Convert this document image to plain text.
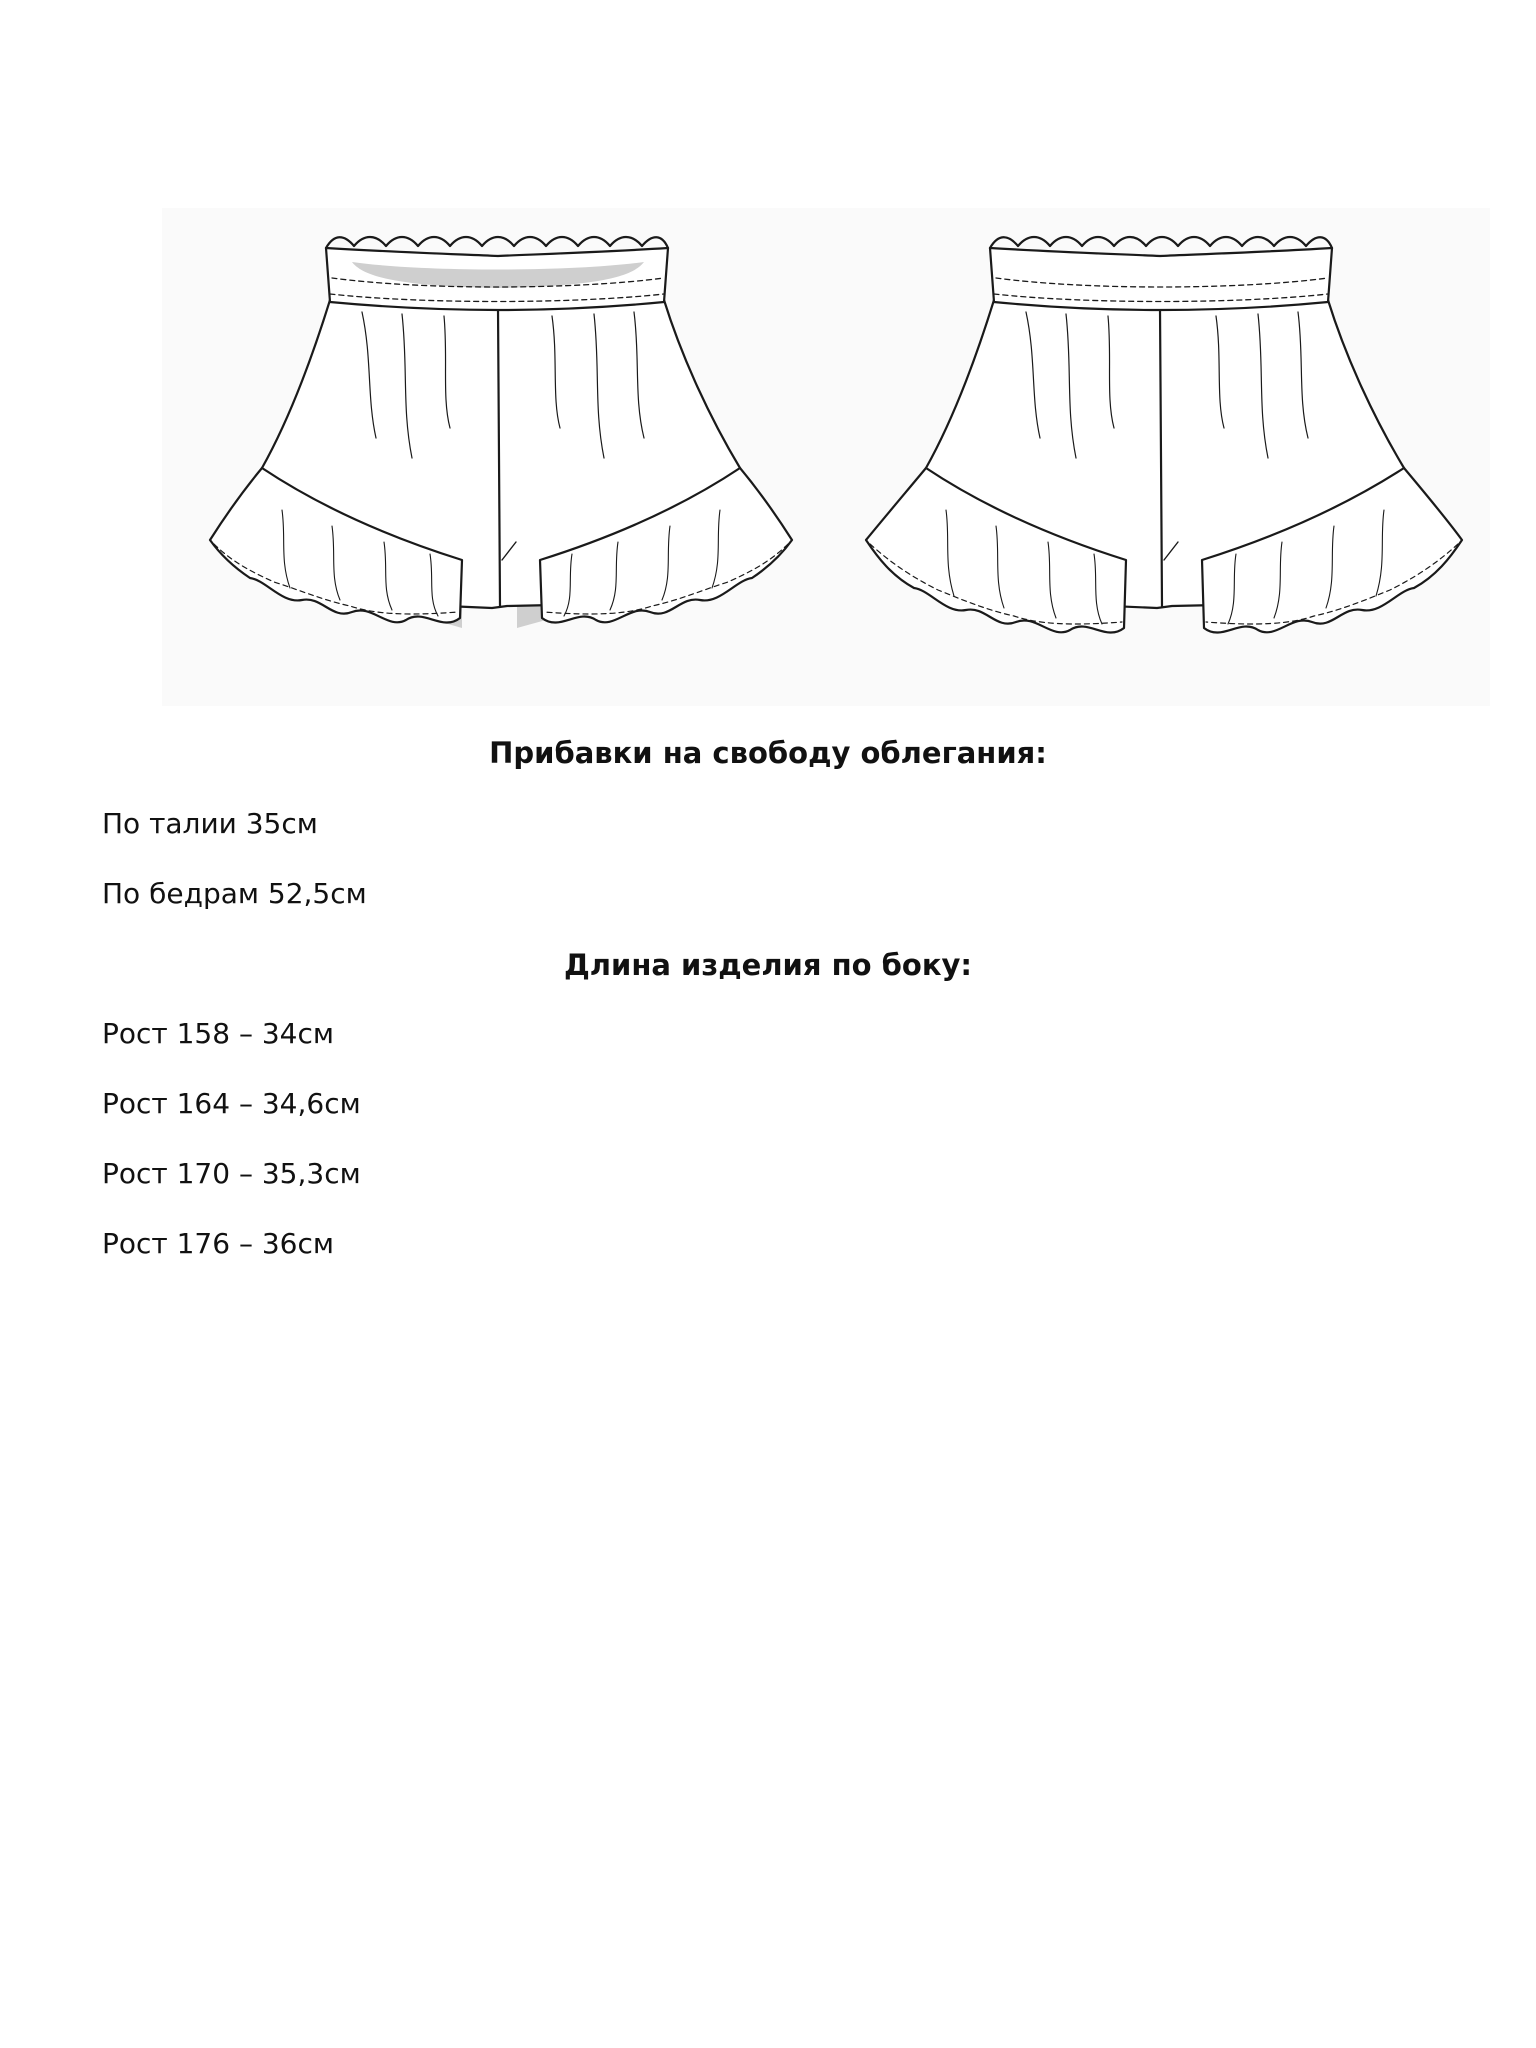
Прибавки на свободу облегания:

По талии 35см

По бедрам 52,5см

Длина изделия по боку:

Рост 158 – 34см

Рост 164 – 34,6см

Рост 170 – 35,3см

Рост 176 – 36см
